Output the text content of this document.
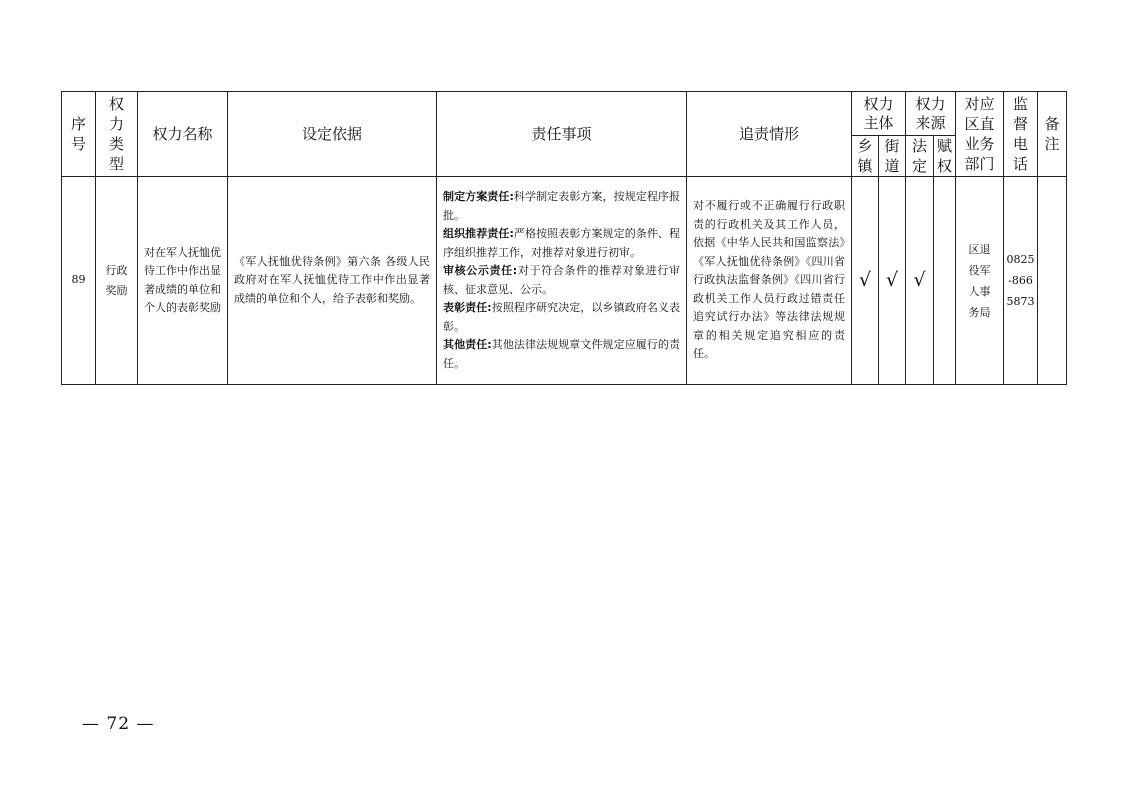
序号	权力类型	权力名称	设定依据	责任事项	追责情形	权力主体		权力来源		对应区直业务部门	监督电话	备注

						乡镇	街道	法定	赋权			

89	行政奖励	对在军人抚恤优待工作中作出显著成绩的单位和个人的表彰奖励	《军人抚恤优待条例》第六条 各级人民政府对在军人抚恤优待工作中作出显著成绩的单位和个人，给予表彰和奖励。	制定方案责任:科学制定表彰方案，按规定程序报批。
组织推荐责任:严格按照表彰方案规定的条件、程序组织推荐工作，对推荐对象进行初审。
审核公示责任:对于符合条件的推荐对象进行审核、征求意见、公示。
表彰责任:按照程序研究决定，以乡镇政府名义表彰。
其他责任:其他法律法规规章文件规定应履行的责任。	对不履行或不正确履行行政职责的行政机关及其工作人员，依据《中华人民共和国监察法》《军人抚恤优待条例》《四川省行政执法监督条例》《四川省行政机关工作人员行政过错责任追究试行办法》等法律法规规章的相关规定追究相应的责任。	√	√	√		区退役军人事务局	0825-8665873	

— 72 —
